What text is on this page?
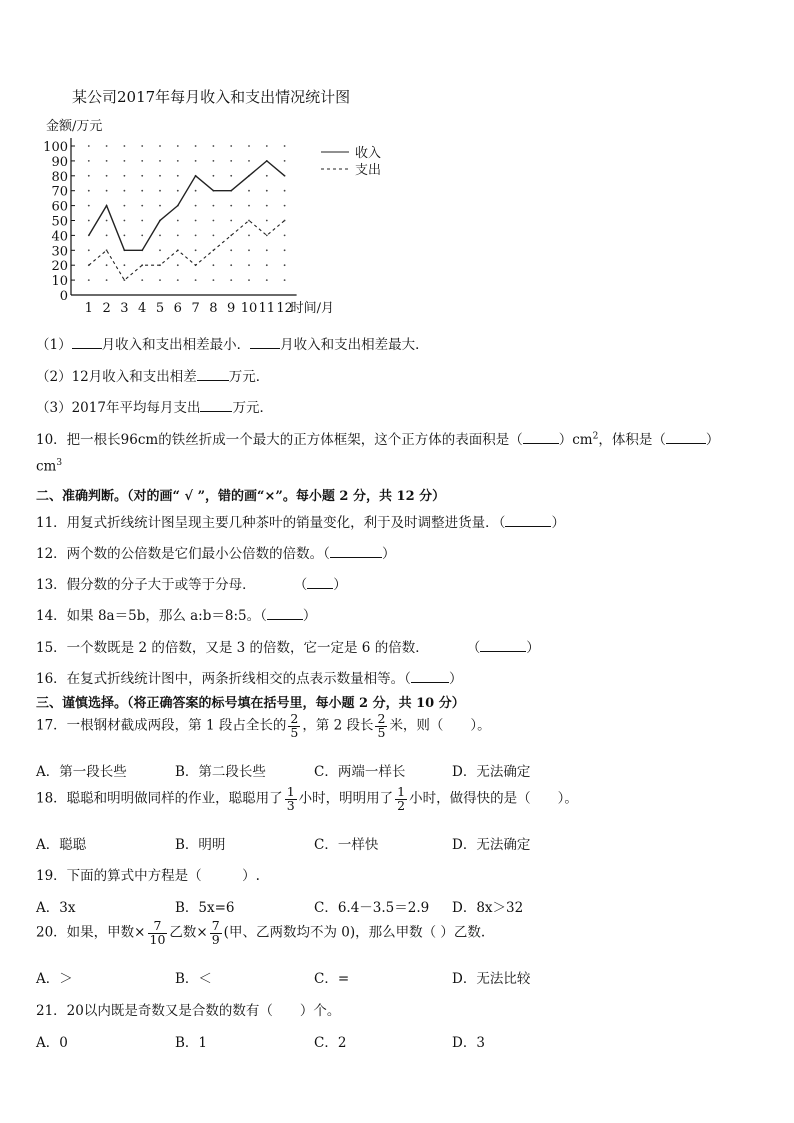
某公司2017年每月收入和支出情况统计图
金额/万元
0
10
20
30
40
50
60
70
80
90
100
1 2 3 4 5 6 7 8 9 10 11 12
时间/月
收入
支出
（1） 月收入和支出相差最小． 月收入和支出相差最大．
（2）12月收入和支出相差 万元．
（3）2017年平均每月支出 万元．
10．把一根长96cm的铁丝折成一个最大的正方体框架，这个正方体的表面积是（	）$cm^2$，体积是（	）
$cm^3$
二、准确判断。（对的画“ √ ”，错的画“×”。每小题 2 分，共 12 分）
11．用复式折线统计图呈现主要几种茶叶的销量变化，利于及时调整进货量．（	）
12．两个数的公倍数是它们最小公倍数的倍数。（	）
13．假分数的分子大于或等于分母．	（ ）
14．如果 8a＝5b，那么 a:b＝8:5。（	）
15．一个数既是 2 的倍数，又是 3 的倍数，它一定是 6 的倍数．	（	）
16．在复式折线统计图中，两条折线相交的点表示数量相等。（	）
三、谨慎选择。（将正确答案的标号填在括号里，每小题 2 分，共 10 分）
17．一根钢材截成两段，第 1 段占全长的 $\frac{2}{5}$ ，第 2 段长 $\frac{2}{5}$ 米，则（　　）。
A．第一段长些	B．第二段长些	C．两端一样长	D．无法确定
18．聪聪和明明做同样的作业，聪聪用了 $\frac{1}{3}$ 小时，明明用了 $\frac{1}{2}$ 小时，做得快的是（　　）。
A．聪聪	B．明明	C．一样快	D．无法确定
19．下面的算式中方程是（　　　）.
A．3x	B．5x=6	C．6.4－3.5＝2.9 D．8x＞32
20．如果，甲数× $\frac{7}{10}$ 乙数× $\frac{7}{9}$ (甲、乙两数均不为 0)，那么甲数（ ）乙数.
A．＞	B．＜	C．=	D．无法比较
21．20以内既是奇数又是合数的数有（　　）个。
A．0	B．1	C．2	D．3
